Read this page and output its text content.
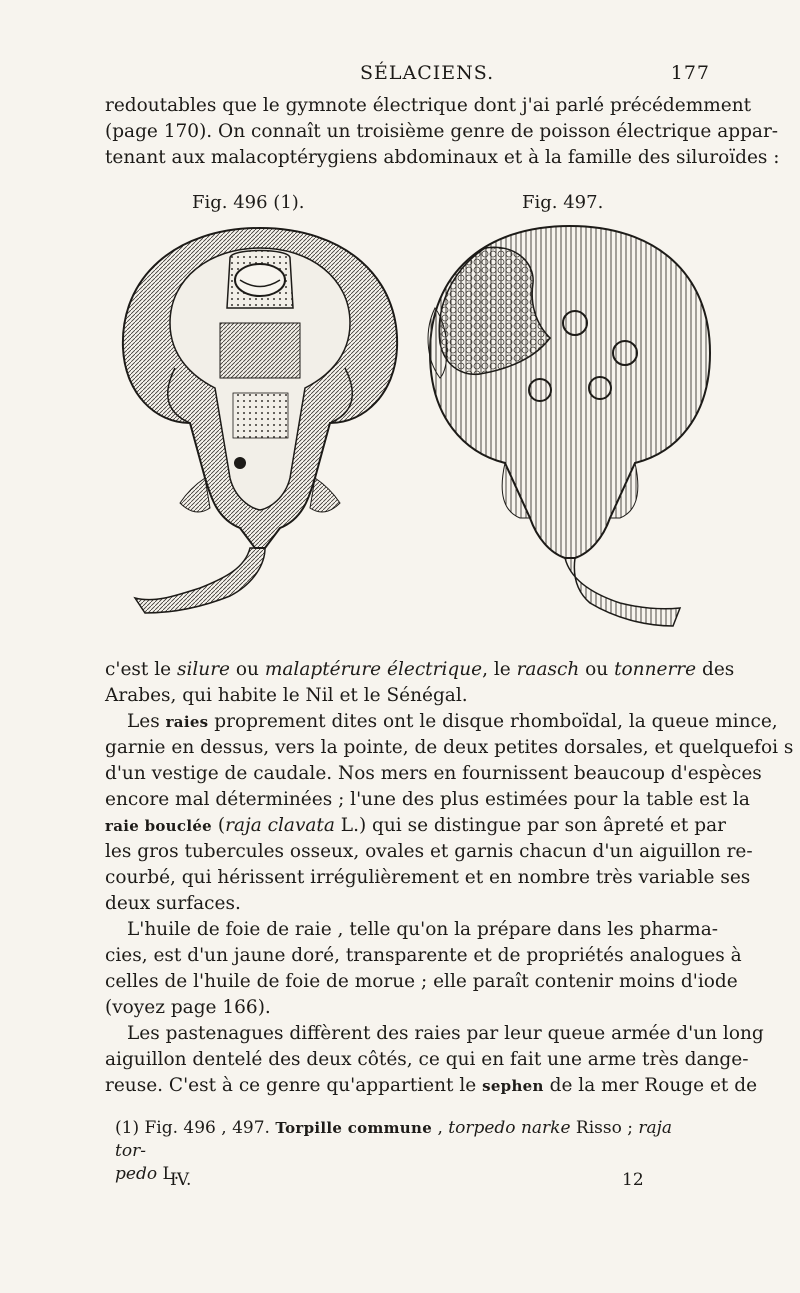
SÉLACIENS.	177
redoutables que le gymnote électrique dont j'ai parlé précédemment
(page 170). On connaît un troisième genre de poisson électrique appar-
tenant aux malacoptérygiens abdominaux et à la famille des siluroïdes :
Fig. 496 (1).	Fig. 497.
c'est le silure ou malaptérure électrique, le raasch ou tonnerre des
Arabes, qui habite le Nil et le Sénégal.
Les raies proprement dites ont le disque rhomboïdal, la queue mince,
garnie en dessus, vers la pointe, de deux petites dorsales, et quelquefoi s
d'un vestige de caudale. Nos mers en fournissent beaucoup d'espèces
encore mal déterminées ; l'une des plus estimées pour la table est la
raie bouclée (raja clavata L.) qui se distingue par son âpreté et par
les gros tubercules osseux, ovales et garnis chacun d'un aiguillon re-
courbé, qui hérissent irrégulièrement et en nombre très variable ses
deux surfaces.
L'huile de foie de raie , telle qu'on la prépare dans les pharma-
cies, est d'un jaune doré, transparente et de propriétés analogues à
celles de l'huile de foie de morue ; elle paraît contenir moins d'iode
(voyez page 166).
Les pastenagues diffèrent des raies par leur queue armée d'un long
aiguillon dentelé des deux côtés, ce qui en fait une arme très dange-
reuse. C'est à ce genre qu'appartient le sephen de la mer Rouge et de
(1) Fig. 496 , 497. Torpille commune , torpedo narke Risso ; raja tor-
pedo L.
IV.	12
